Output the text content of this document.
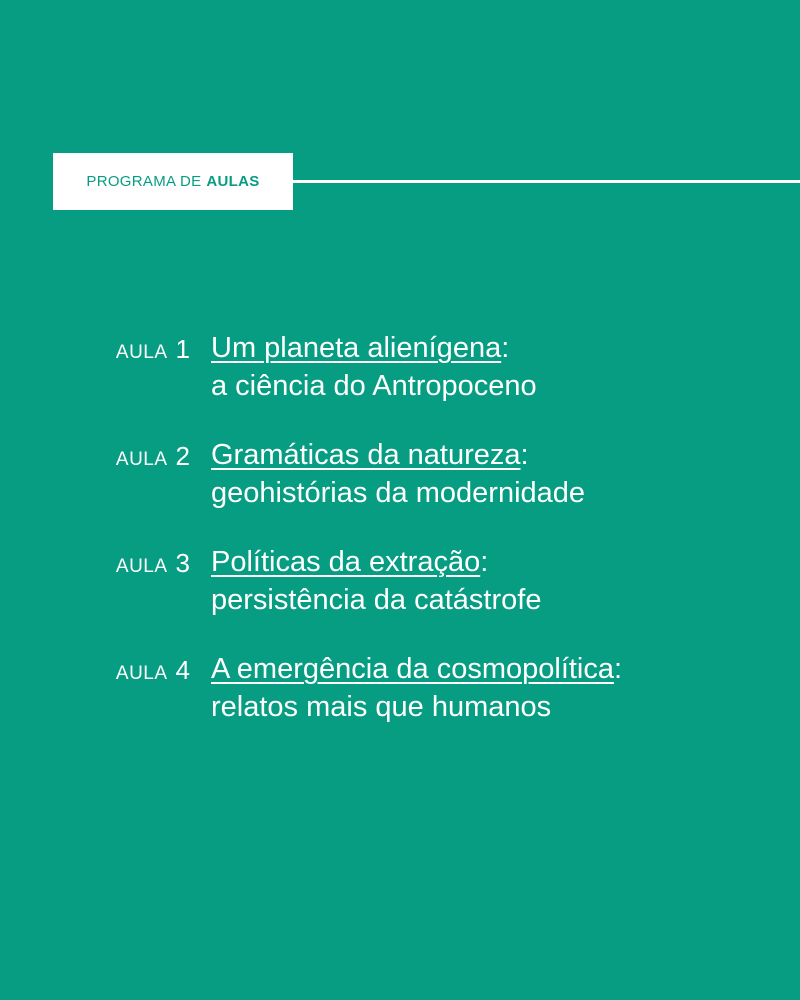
PROGRAMA DE AULAS
AULA 1 Um planeta alienígena:
a ciência do Antropoceno
AULA 2 Gramáticas da natureza:
geohistórias da modernidade
AULA 3 Políticas da extração:
persistência da catástrofe
AULA 4 A emergência da cosmopolítica:
relatos mais que humanos
